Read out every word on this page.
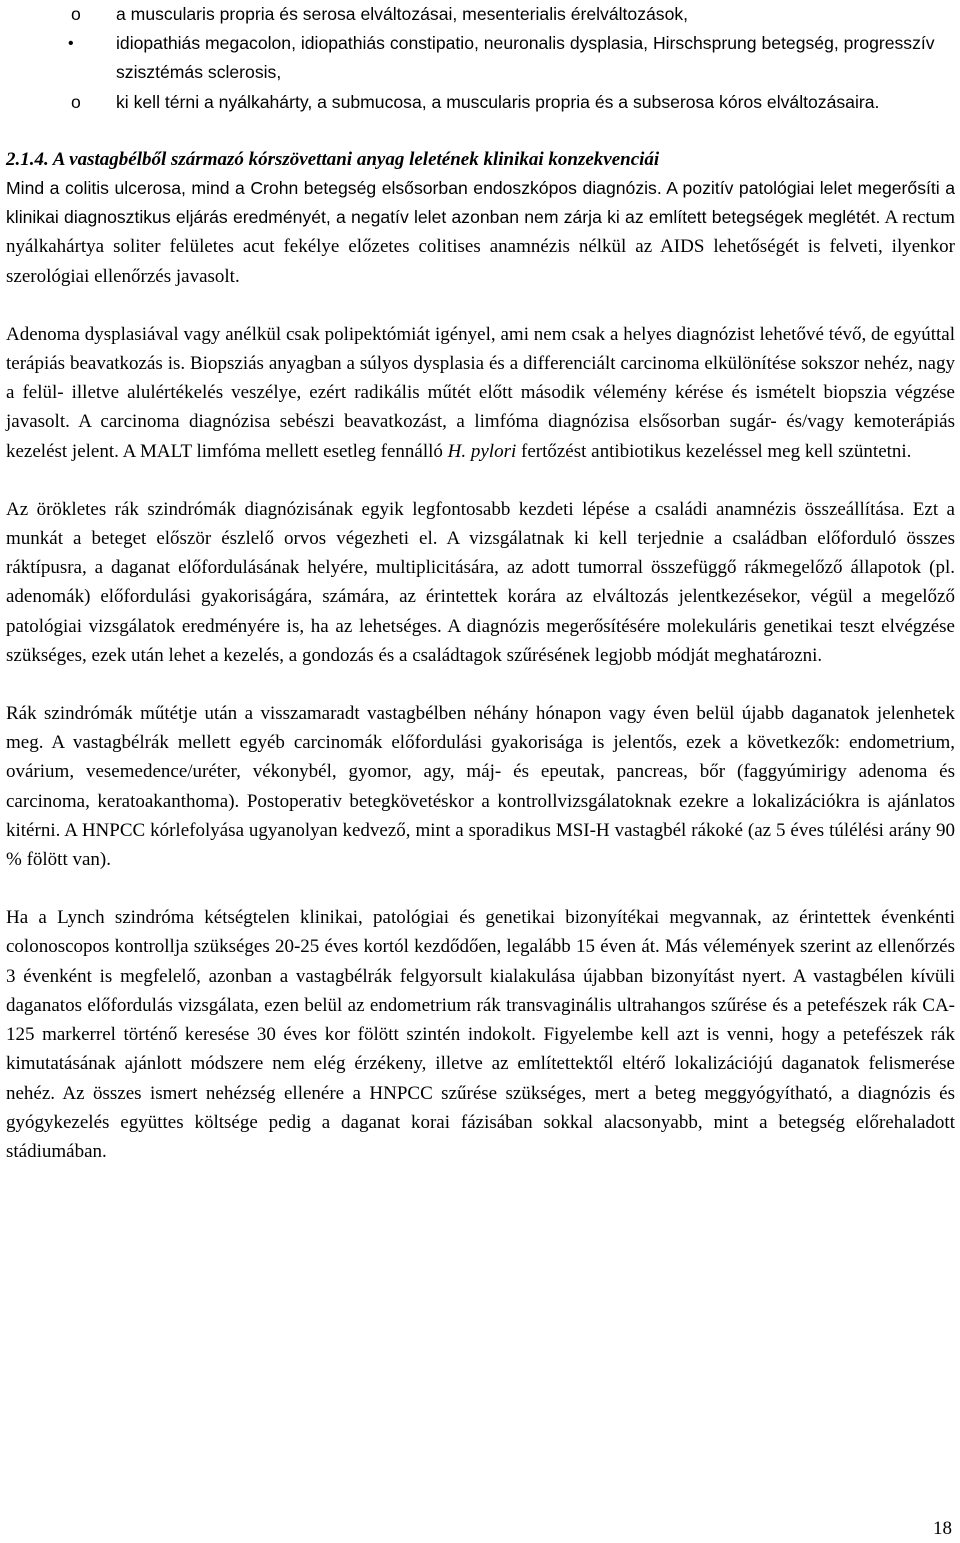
o a muscularis propria és serosa elváltozásai, mesenterialis érelváltozások,
• idiopathiás megacolon, idiopathiás constipatio, neuronalis dysplasia, Hirschsprung betegség, progresszív szisztémás sclerosis,
o ki kell térni a nyálkahárty, a submucosa, a muscularis propria és a subserosa kóros elváltozásaira.

2.1.4. A vastagbélből származó kórszövettani anyag leletének klinikai konzekvenciái

Mind a colitis ulcerosa, mind a Crohn betegség elsősorban endoszkópos diagnózis. A pozitív patológiai lelet megerősíti a klinikai diagnosztikus eljárás eredményét, a negatív lelet azonban nem zárja ki az említett betegségek meglétét. A rectum nyálkahártya soliter felületes acut fekélye előzetes colitises anamnézis nélkül az AIDS lehetőségét is felveti, ilyenkor szerológiai ellenőrzés javasolt.

Adenoma dysplasiával vagy anélkül csak polipektómiát igényel, ami nem csak a helyes diagnózist lehetővé tévő, de egyúttal terápiás beavatkozás is. Biopsziás anyagban a súlyos dysplasia és a differenciált carcinoma elkülönítése sokszor nehéz, nagy a felül- illetve alulértékelés veszélye, ezért radikális műtét előtt második vélemény kérése és ismételt biopszia végzése javasolt. A carcinoma diagnózisa sebészi beavatkozást, a limfóma diagnózisa elsősorban sugár- és/vagy kemoterápiás kezelést jelent. A MALT limfóma mellett esetleg fennálló H. pylori fertőzést antibiotikus kezeléssel meg kell szüntetni.

Az örökletes rák szindrómák diagnózisának egyik legfontosabb kezdeti lépése a családi anamnézis összeállítása. Ezt a munkát a beteget először észlelő orvos végezheti el. A vizsgálatnak ki kell terjednie a családban előforduló összes ráktípusra, a daganat előfordulásának helyére, multiplicitására, az adott tumorral összefüggő rákmegelőző állapotok (pl. adenomák) előfordulási gyakoriságára, számára, az érintettek korára az elváltozás jelentkezésekor, végül a megelőző patológiai vizsgálatok eredményére is, ha az lehetséges. A diagnózis megerősítésére molekuláris genetikai teszt elvégzése szükséges, ezek után lehet a kezelés, a gondozás és a családtagok szűrésének legjobb módját meghatározni.

Rák szindrómák műtétje után a visszamaradt vastagbélben néhány hónapon vagy éven belül újabb daganatok jelenhetek meg. A vastagbélrák mellett egyéb carcinomák előfordulási gyakorisága is jelentős, ezek a következők: endometrium, ovárium, vesemedence/uréter, vékonybél, gyomor, agy, máj- és epeutak, pancreas, bőr (faggyúmirigy adenoma és carcinoma, keratoakanthoma). Postoperativ betegkövetéskor a kontrollvizsgálatoknak ezekre a lokalizációkra is ajánlatos kitérni. A HNPCC kórlefolyása ugyanolyan kedvező, mint a sporadikus MSI-H vastagbél rákoké (az 5 éves túlélési arány 90 % fölött van).

Ha a Lynch szindróma kétségtelen klinikai, patológiai és genetikai bizonyítékai megvannak, az érintettek évenkénti colonoscopos kontrollja szükséges 20-25 éves kortól kezdődően, legalább 15 éven át. Más vélemények szerint az ellenőrzés 3 évenként is megfelelő, azonban a vastagbélrák felgyorsult kialakulása újabban bizonyítást nyert. A vastagbélen kívüli daganatos előfordulás vizsgálata, ezen belül az endometrium rák transvaginális ultrahangos szűrése és a petefészek rák CA-125 markerrel történő keresése 30 éves kor fölött szintén indokolt. Figyelembe kell azt is venni, hogy a petefészek rák kimutatásának ajánlott módszere nem elég érzékeny, illetve az említettektől eltérő lokalizációjú daganatok felismerése nehéz. Az összes ismert nehézség ellenére a HNPCC szűrése szükséges, mert a beteg meggyógyítható, a diagnózis és gyógykezelés együttes költsége pedig a daganat korai fázisában sokkal alacsonyabb, mint a betegség előrehaladott stádiumában.

18
